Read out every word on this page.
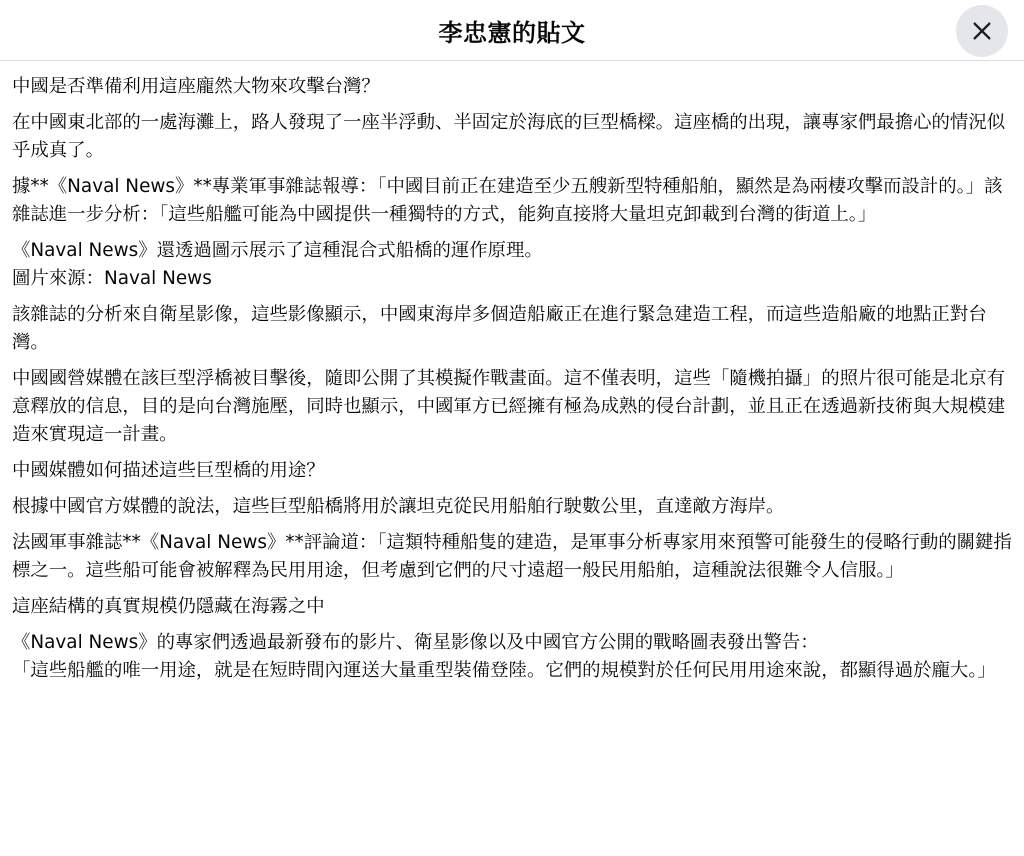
李忠憲的貼文

中國是否準備利用這座龐然大物來攻擊台灣？

在中國東北部的一處海灘上，路人發現了一座半浮動、半固定於海底的巨型橋樑。這座橋的出現，讓專家們最擔心的情況似乎成真了。

據**《Naval News》**專業軍事雜誌報導：「中國目前正在建造至少五艘新型特種船舶，顯然是為兩棲攻擊而設計的。」該雜誌進一步分析：「這些船艦可能為中國提供一種獨特的方式，能夠直接將大量坦克卸載到台灣的街道上。」

《Naval News》還透過圖示展示了這種混合式船橋的運作原理。
圖片來源：Naval News

該雜誌的分析來自衛星影像，這些影像顯示，中國東海岸多個造船廠正在進行緊急建造工程，而這些造船廠的地點正對台灣。

中國國營媒體在該巨型浮橋被目擊後，隨即公開了其模擬作戰畫面。這不僅表明，這些「隨機拍攝」的照片很可能是北京有意釋放的信息，目的是向台灣施壓，同時也顯示，中國軍方已經擁有極為成熟的侵台計劃，並且正在透過新技術與大規模建造來實現這一計畫。

中國媒體如何描述這些巨型橋的用途？

根據中國官方媒體的說法，這些巨型船橋將用於讓坦克從民用船舶行駛數公里，直達敵方海岸。

法國軍事雜誌**《Naval News》**評論道：「這類特種船隻的建造，是軍事分析專家用來預警可能發生的侵略行動的關鍵指標之一。這些船可能會被解釋為民用用途，但考慮到它們的尺寸遠超一般民用船舶，這種說法很難令人信服。」

這座結構的真實規模仍隱藏在海霧之中

《Naval News》的專家們透過最新發布的影片、衛星影像以及中國官方公開的戰略圖表發出警告：
「這些船艦的唯一用途，就是在短時間內運送大量重型裝備登陸。它們的規模對於任何民用用途來說，都顯得過於龐大。」
